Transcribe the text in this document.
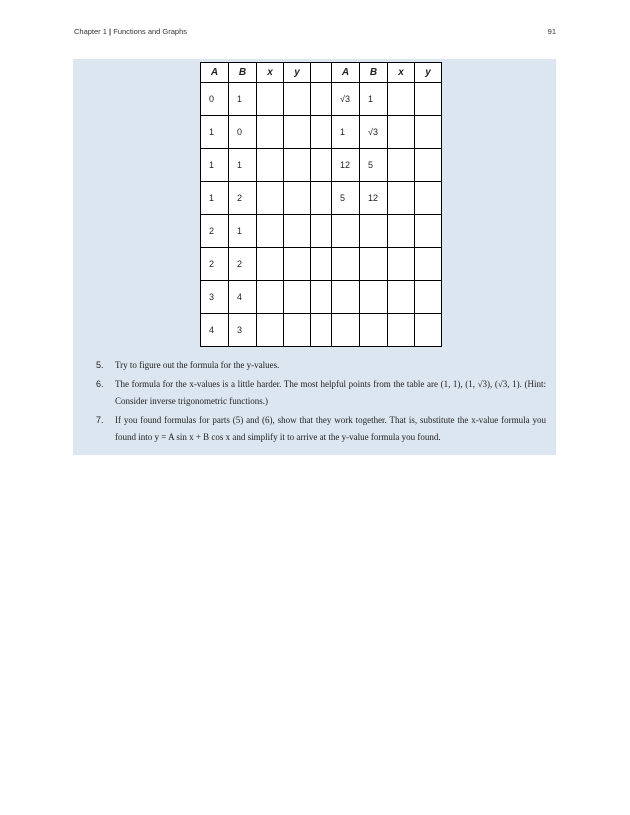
Chapter 1 | Functions and Graphs	91
A	B	x	y		A	B	x	y
0	1				√3	1		
1	0				1	√3		
1	1				12	5		
1	2				5	12		
2	1							
2	2							
3	4							
4	3							
5. Try to figure out the formula for the y-values.
6. The formula for the x-values is a little harder. The most helpful points from the table are (1, 1), (1, √3), (√3, 1). (Hint: Consider inverse trigonometric functions.)
7. If you found formulas for parts (5) and (6), show that they work together. That is, substitute the x-value formula you found into y = A sin x + B cos x and simplify it to arrive at the y-value formula you found.
